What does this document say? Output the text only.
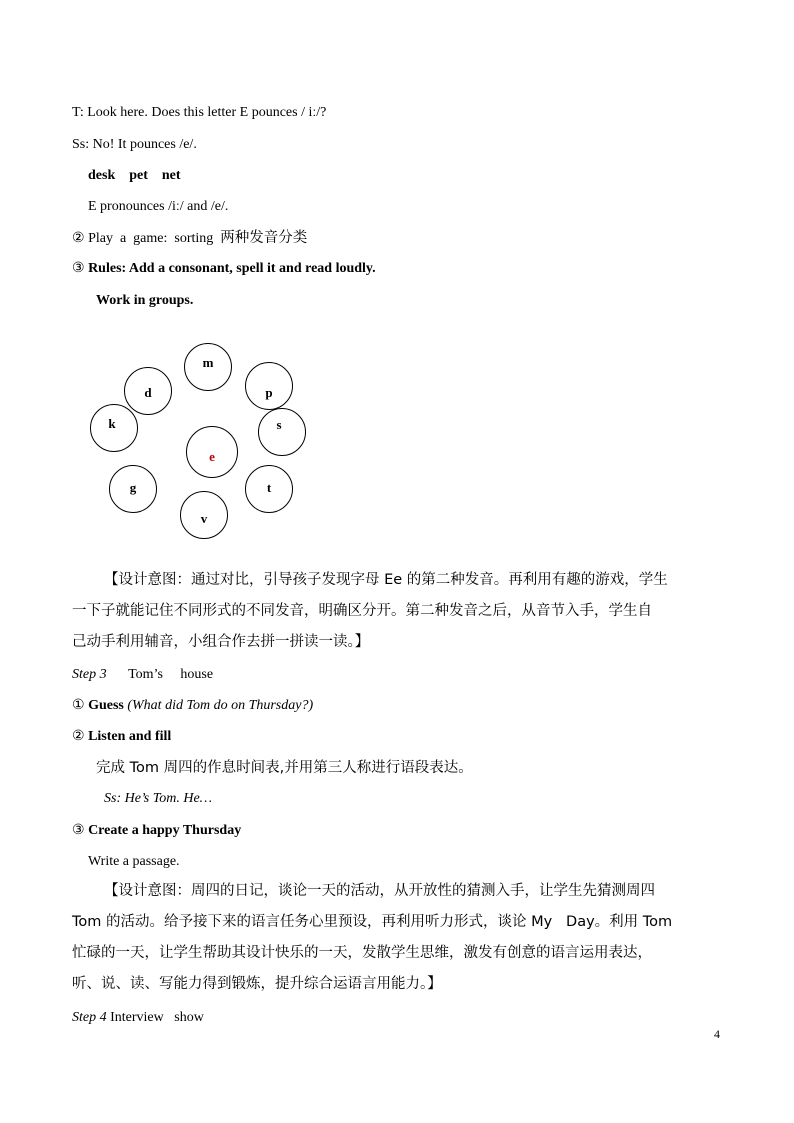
T: Look here. Does this letter E pounces / iː/?
Ss: No! It pounces /e/.
desk    pet    net
E pronounces /iː/ and /e/.
② Play  a  game:  sorting  两种发音分类
③ Rules: Add a consonant, spell it and read loudly.
Work in groups.
m
d	p
k	s
e
g	t
v
【设计意图：通过对比，引导孩子发现字母 Ee 的第二种发音。再利用有趣的游戏，学生
一下子就能记住不同形式的不同发音，明确区分开。第二种发音之后，从音节入手，学生自
己动手利用辅音，小组合作去拼一拼读一读。】
Step 3 Tom’s     house
① Guess (What did Tom do on Thursday?)
② Listen and fill
完成 Tom 周四的作息时间表,并用第三人称进行语段表达。
Ss: He’s Tom. He…
③ Create a happy Thursday
Write a passage.
【设计意图：周四的日记，谈论一天的活动，从开放性的猜测入手，让学生先猜测周四
Tom 的活动。给予接下来的语言任务心里预设，再利用听力形式，谈论 My   Day。利用 Tom
忙碌的一天，让学生帮助其设计快乐的一天，发散学生思维，激发有创意的语言运用表达，
听、说、读、写能力得到锻炼，提升综合运语言用能力。】
Step 4 Interview   show
4
